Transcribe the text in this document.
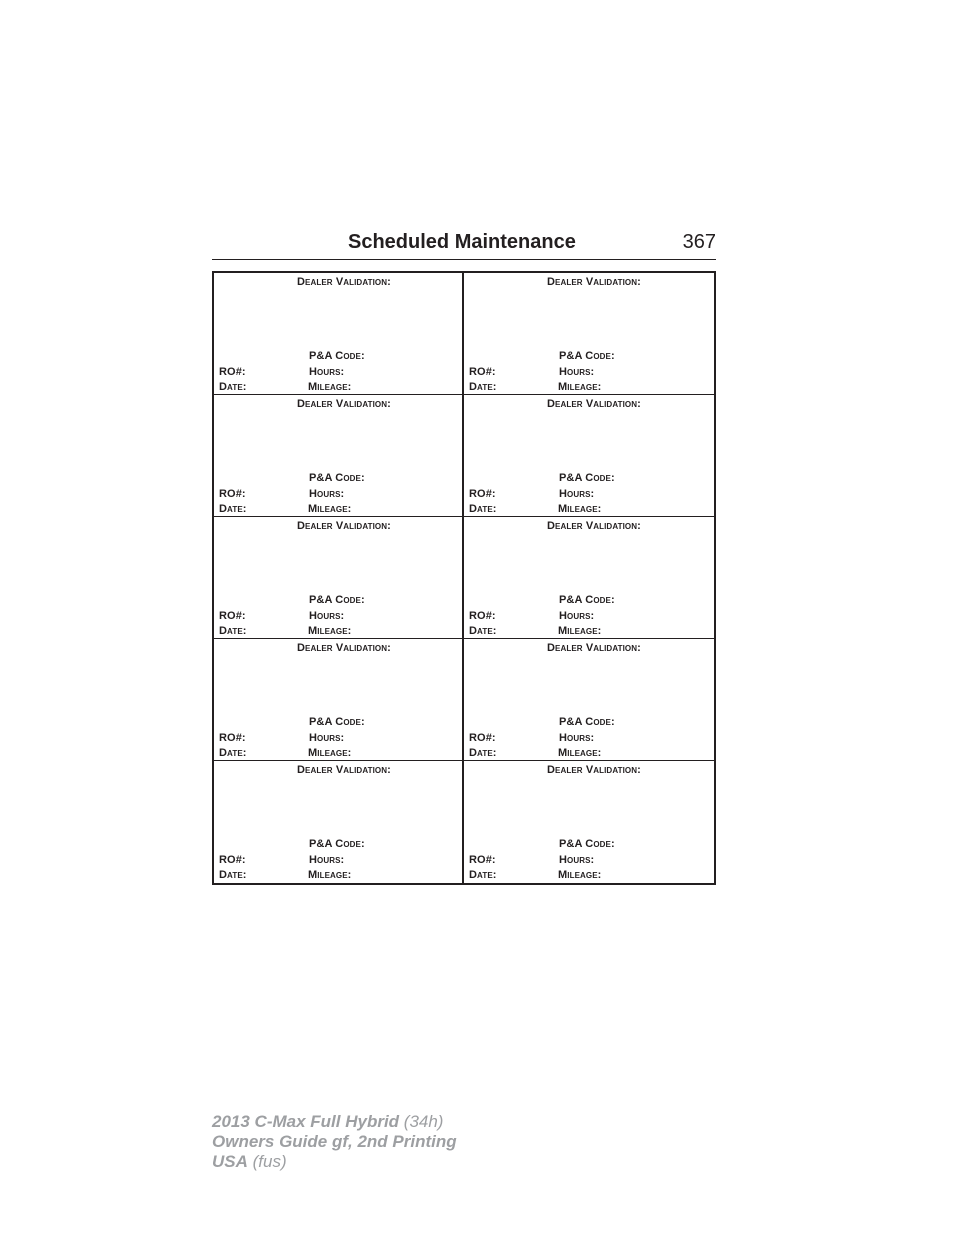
Scheduled Maintenance	367
Dealer Validation:
P&A Code:
RO#:	Hours:
Date:	Mileage:
Dealer Validation:
P&A Code:
RO#:	Hours:
Date:	Mileage:
Dealer Validation:
P&A Code:
RO#:	Hours:
Date:	Mileage:
Dealer Validation:
P&A Code:
RO#:	Hours:
Date:	Mileage:
Dealer Validation:
P&A Code:
RO#:	Hours:
Date:	Mileage:
Dealer Validation:
P&A Code:
RO#:	Hours:
Date:	Mileage:
Dealer Validation:
P&A Code:
RO#:	Hours:
Date:	Mileage:
Dealer Validation:
P&A Code:
RO#:	Hours:
Date:	Mileage:
Dealer Validation:
P&A Code:
RO#:	Hours:
Date:	Mileage:
Dealer Validation:
P&A Code:
RO#:	Hours:
Date:	Mileage:
2013 C-Max Full Hybrid (34h)
Owners Guide gf, 2nd Printing
USA (fus)
